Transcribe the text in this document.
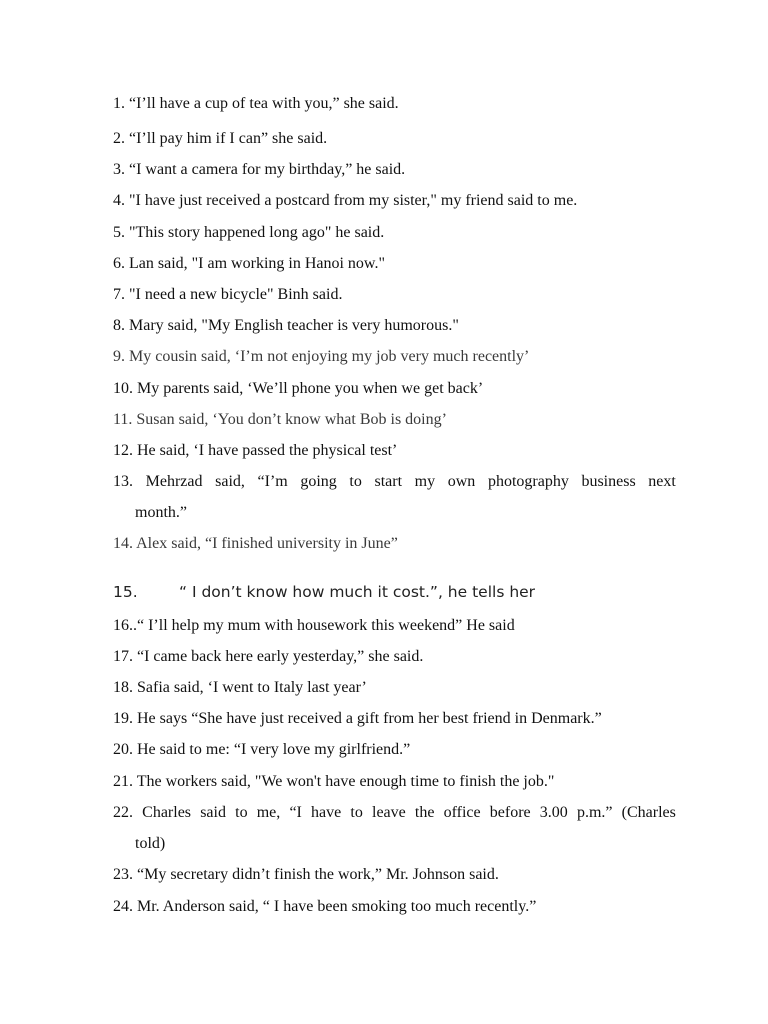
1. “I’ll have a cup of tea with you,” she said.
2. “I’ll pay him if I can” she said.
3. “I want a camera for my birthday,” he said.
4. "I have just received a postcard from my sister," my friend said to me.
5. "This story happened long ago" he said.
6. Lan said, "I am working in Hanoi now."
7. "I need a new bicycle" Binh said.
8. Mary said, "My English teacher is very humorous."
9. My cousin said, ‘I’m not enjoying my job very much recently’
10. My parents said, ‘We’ll phone you when we get back’
11. Susan said, ‘You don’t know what Bob is doing’
12. He said, ‘I have passed the physical test’
13. Mehrzad said, “I’m going to start my own photography business next
month.”
14. Alex said, “I finished university in June”
15.	“ I don’t know how much it cost.”, he tells her
16..“ I’ll help my mum with housework this weekend” He said
17. “I came back here early yesterday,” she said.
18. Safia said, ‘I went to Italy last year’
19. He says “She have just received a gift from her best friend in Denmark.”
20. He said to me: “I very love my girlfriend.”
21. The workers said, "We won't have enough time to finish the job."
22. Charles said to me, “I have to leave the office before 3.00 p.m.” (Charles
told)
23. “My secretary didn’t finish the work,” Mr. Johnson said.
24. Mr. Anderson said, “ I have been smoking too much recently.”
